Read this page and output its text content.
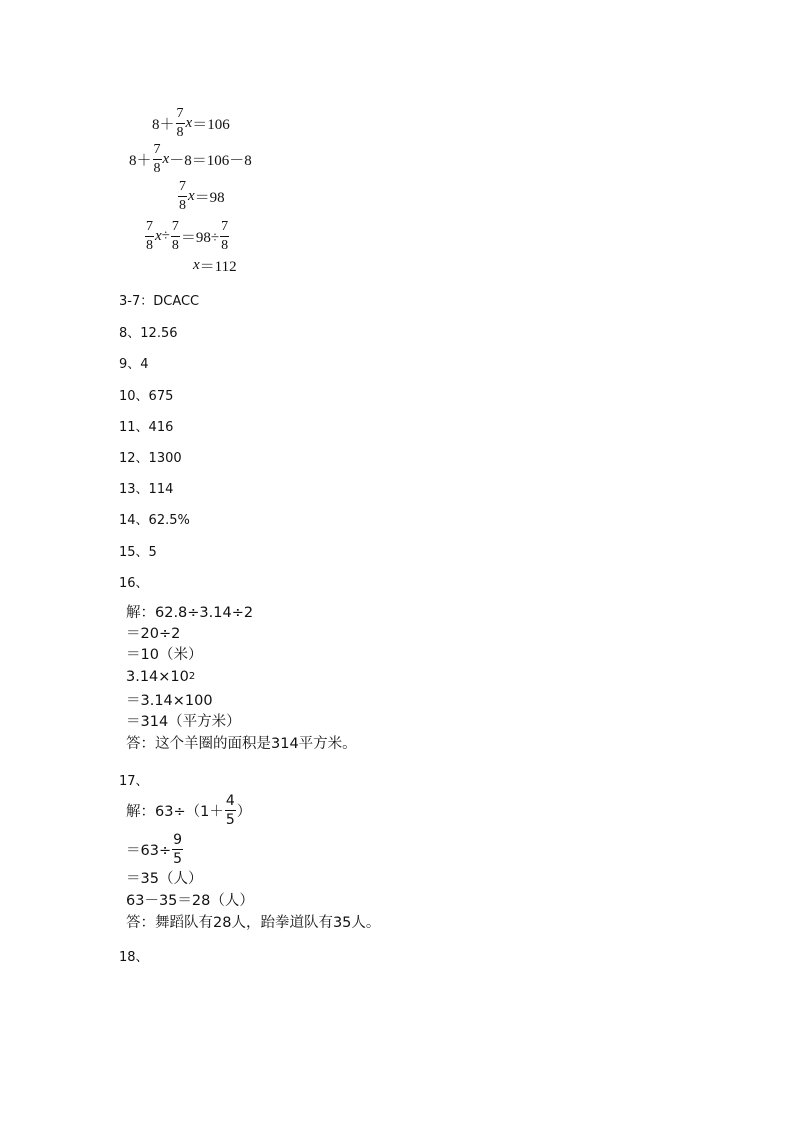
$8+ \frac{7}{8}$ x ＝106
$8+ \frac{7}{8}$ x －8＝106－8
$\frac{7}{8}$ x ＝98
$\frac{7}{8}$ $x \div \frac{7}{8} =98\div \frac{7}{8}$
x ＝112
3-7：DCACC
8、12.56
9、4
10、675
11、416
12、1300
13、114
14、62.5%
15、5
16、
解：62.8÷3.14÷2
＝20÷2
＝10（米）
3.14×10 2
＝3.14×100
＝314（平方米）
答：这个羊圈的面积是314平方米。
17、
解：$63\div(1+ \frac{4}{5}$ ）
$=63\div \frac{9}{5}$
＝35（人）
63－35＝28（人）
答：舞蹈队有28人，跆拳道队有35人。
18、
